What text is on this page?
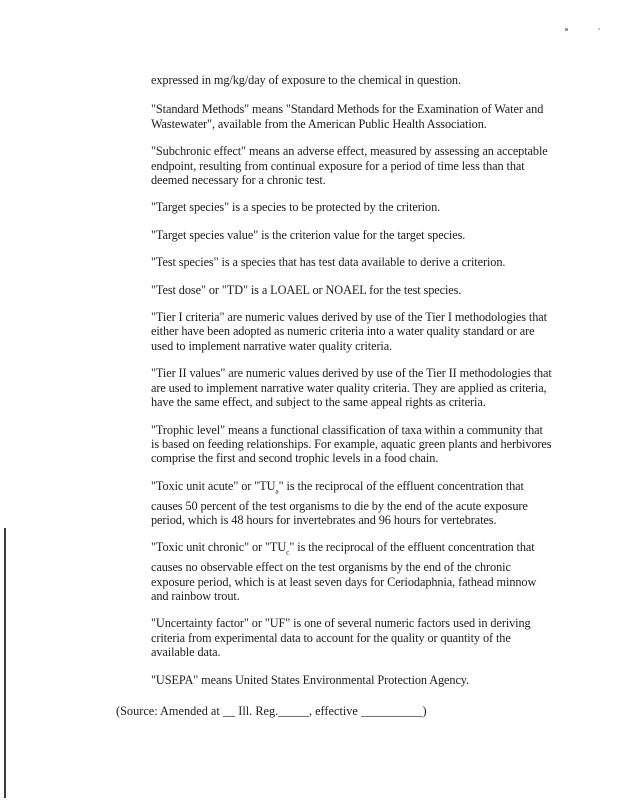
expressed in mg/kg/day of exposure to the chemical in question.

"Standard Methods" means "Standard Methods for the Examination of Water and Wastewater", available from the American Public Health Association.

"Subchronic effect" means an adverse effect, measured by assessing an acceptable endpoint, resulting from continual exposure for a period of time less than that deemed necessary for a chronic test.

"Target species" is a species to be protected by the criterion.

"Target species value" is the criterion value for the target species.

"Test species" is a species that has test data available to derive a criterion.

"Test dose" or "TD" is a LOAEL or NOAEL for the test species.

"Tier I criteria" are numeric values derived by use of the Tier I methodologies that either have been adopted as numeric criteria into a water quality standard or are used to implement narrative water quality criteria.

"Tier II values" are numeric values derived by use of the Tier II methodologies that are used to implement narrative water quality criteria. They are applied as criteria, have the same effect, and subject to the same appeal rights as criteria.

"Trophic level" means a functional classification of taxa within a community that is based on feeding relationships. For example, aquatic green plants and herbivores comprise the first and second trophic levels in a food chain.

"Toxic unit acute" or "$TU_a$" is the reciprocal of the effluent concentration that causes 50 percent of the test organisms to die by the end of the acute exposure period, which is 48 hours for invertebrates and 96 hours for vertebrates.

"Toxic unit chronic" or "$TU_c$" is the reciprocal of the effluent concentration that causes no observable effect on the test organisms by the end of the chronic exposure period, which is at least seven days for Ceriodaphnia, fathead minnow and rainbow trout.

"Uncertainty factor" or "UF" is one of several numeric factors used in deriving criteria from experimental data to account for the quality or quantity of the available data.

"USEPA" means United States Environmental Protection Agency.

(Source: Amended at __ Ill. Reg._____, effective __________)
